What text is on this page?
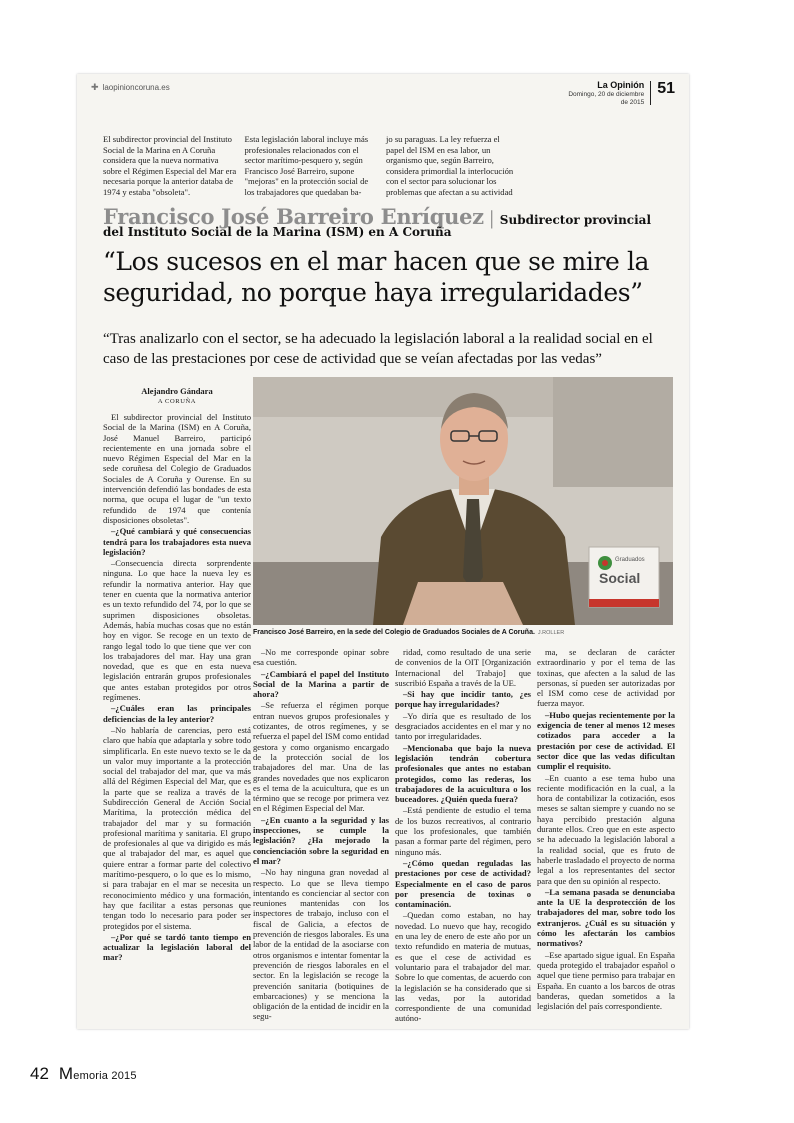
✚ laopinioncoruna.es	La Opinión
Domingo, 20 de diciembre
de 2015
51
El subdirector provincial del Instituto Social de la Marina en A Coruña considera que la nueva normativa sobre el Régimen Especial del Mar era necesaria porque la anterior databa de 1974 y estaba "obsoleta".
Esta legislación laboral incluye más profesionales relacionados con el sector marítimo-pesquero y, según Francisco José Barreiro, supone "mejoras" en la protección social de los trabajadores que quedaban ba-
jo su paraguas. La ley refuerza el papel del ISM en esa labor, un organismo que, según Barreiro, considera primordial la interlocución con el sector para solucionar los problemas que afectan a su actividad
Francisco José Barreiro Enríquez | Subdirector provincial
del Instituto Social de la Marina (ISM) en A Coruña
“Los sucesos en el mar hacen que se mire la seguridad, no porque haya irregularidades”
“Tras analizarlo con el sector, se ha adecuado la legislación laboral a la realidad social en el caso de las prestaciones por cese de actividad que se veían afectadas por las vedas”
Alejandro Gándara
A CORUÑA
Graduados
Social
Francisco José Barreiro, en la sede del Colegio de Graduados Sociales de A Coruña. J.ROLLER

El subdirector provincial del Instituto Social de la Marina (ISM) en A Coruña, José Manuel Barreiro, participó recientemente en una jornada sobre el nuevo Régimen Especial del Mar en la sede coruñesa del Colegio de Graduados Sociales de A Coruña y Ourense. En su intervención defendió las bondades de esta norma, que ocupa el lugar de "un texto refundido de 1974 que contenía disposiciones obsoletas".

–¿Qué cambiará y qué consecuencias tendrá para los trabajadores esta nueva legislación?

–Consecuencia directa sorprendente ninguna. Lo que hace la nueva ley es refundir la normativa anterior. Hay que tener en cuenta que la normativa anterior es un texto refundido del 74, por lo que se suprimen disposiciones obsoletas. Además, había muchas cosas que no están hoy en vigor. Se recoge en un texto de rango legal todo lo que tiene que ver con los trabajadores del mar. Hay una gran novedad, que es que en esta nueva legislación entrarán grupos profesionales que antes estaban protegidos por otros regímenes.

–¿Cuáles eran las principales deficiencias de la ley anterior?

–No hablaría de carencias, pero está claro que había que adaptarla y sobre todo simplificarla. En este nuevo texto se le da un valor muy importante a la protección social del trabajador del mar, que va más allá del Régimen Especial del Mar, que es la parte que se realiza a través de la Subdirección General de Acción Social Marítima, la protección médica del trabajador del mar y su formación profesional marítima y sanitaria. El grupo de profesionales al que va dirigido es más que al trabajador del mar, es aquel que quiere entrar a formar parte del colectivo marítimo-pesquero, o lo que es lo mismo, si para trabajar en el mar se necesita un reconocimiento médico y una formación, hay que facilitar a estas personas que tengan todo lo necesario para poder ser protegidos por el sistema.

–¿Por qué se tardó tanto tiempo en actualizar la legislación laboral del mar?

–No me corresponde opinar sobre esa cuestión.

–¿Cambiará el papel del Instituto Social de la Marina a partir de ahora?

–Se refuerza el régimen porque entran nuevos grupos profesionales y cotizantes, de otros regímenes, y se refuerza el papel del ISM como entidad gestora y como organismo encargado de la protección social de los trabajadores del mar. Una de las grandes novedades que nos explicaron es el tema de la acuicultura, que es un término que se recoge por primera vez en el Régimen Especial del Mar.

–¿En cuanto a la seguridad y las inspecciones, se cumple la legislación? ¿Ha mejorado la concienciación sobre la seguridad en el mar?

–No hay ninguna gran novedad al respecto. Lo que se lleva tiempo intentando es concienciar al sector con reuniones mantenidas con los inspectores de trabajo, incluso con el fiscal de Galicia, a efectos de prevención de riesgos laborales. Es una labor de la entidad de la asociarse con otros organismos e intentar fomentar la prevención de riesgos laborales en el sector. En la legislación se recoge la prevención sanitaria (botiquines de embarcaciones) y se menciona la obligación de la entidad de incidir en la segu-

ridad, como resultado de una serie de convenios de la OIT [Organización Internacional del Trabajo] que suscribió España a través de la UE.

–Si hay que incidir tanto, ¿es porque hay irregularidades?

–Yo diría que es resultado de los desgraciados accidentes en el mar y no tanto por irregularidades.

–Mencionaba que bajo la nueva legislación tendrán cobertura profesionales que antes no estaban protegidos, como las rederas, los trabajadores de la acuicultura o los buceadores. ¿Quién queda fuera?

–Está pendiente de estudio el tema de los buzos recreativos, al contrario que los profesionales, que también pasan a formar parte del régimen, pero ninguno más.

–¿Cómo quedan reguladas las prestaciones por cese de actividad? Especialmente en el caso de paros por presencia de toxinas o contaminación.

–Quedan como estaban, no hay novedad. Lo nuevo que hay, recogido en una ley de enero de este año por un texto refundido en materia de mutuas, es que el cese de actividad es voluntario para el trabajador del mar. Sobre lo que comentas, de acuerdo con la legislación se ha considerado que si las vedas, por la autoridad correspondiente de una comunidad autóno-

ma, se declaran de carácter extraordinario y por el tema de las toxinas, que afecten a la salud de las personas, sí pueden ser autorizadas por el ISM como cese de actividad por fuerza mayor.

–Hubo quejas recientemente por la exigencia de tener al menos 12 meses cotizados para acceder a la prestación por cese de actividad. El sector dice que las vedas dificultan cumplir el requisito.

–En cuanto a ese tema hubo una reciente modificación en la cual, a la hora de contabilizar la cotización, esos meses se saltan siempre y cuando no se haya percibido prestación alguna durante ellos. Creo que en este aspecto se ha adecuado la legislación laboral a la realidad social, que es fruto de haberle trasladado el proyecto de norma legal a los representantes del sector para que den su opinión al respecto.

–La semana pasada se denunciaba ante la UE la desprotección de los trabajadores del mar, sobre todo los extranjeros. ¿Cuál es su situación y cómo les afectarán los cambios normativos?

–Ese apartado sigue igual. En España queda protegido el trabajador español o aquel que tiene permiso para trabajar en España. En cuanto a los barcos de otras banderas, quedan sometidos a la legislación del país correspondiente.

42 Memoria 2015
